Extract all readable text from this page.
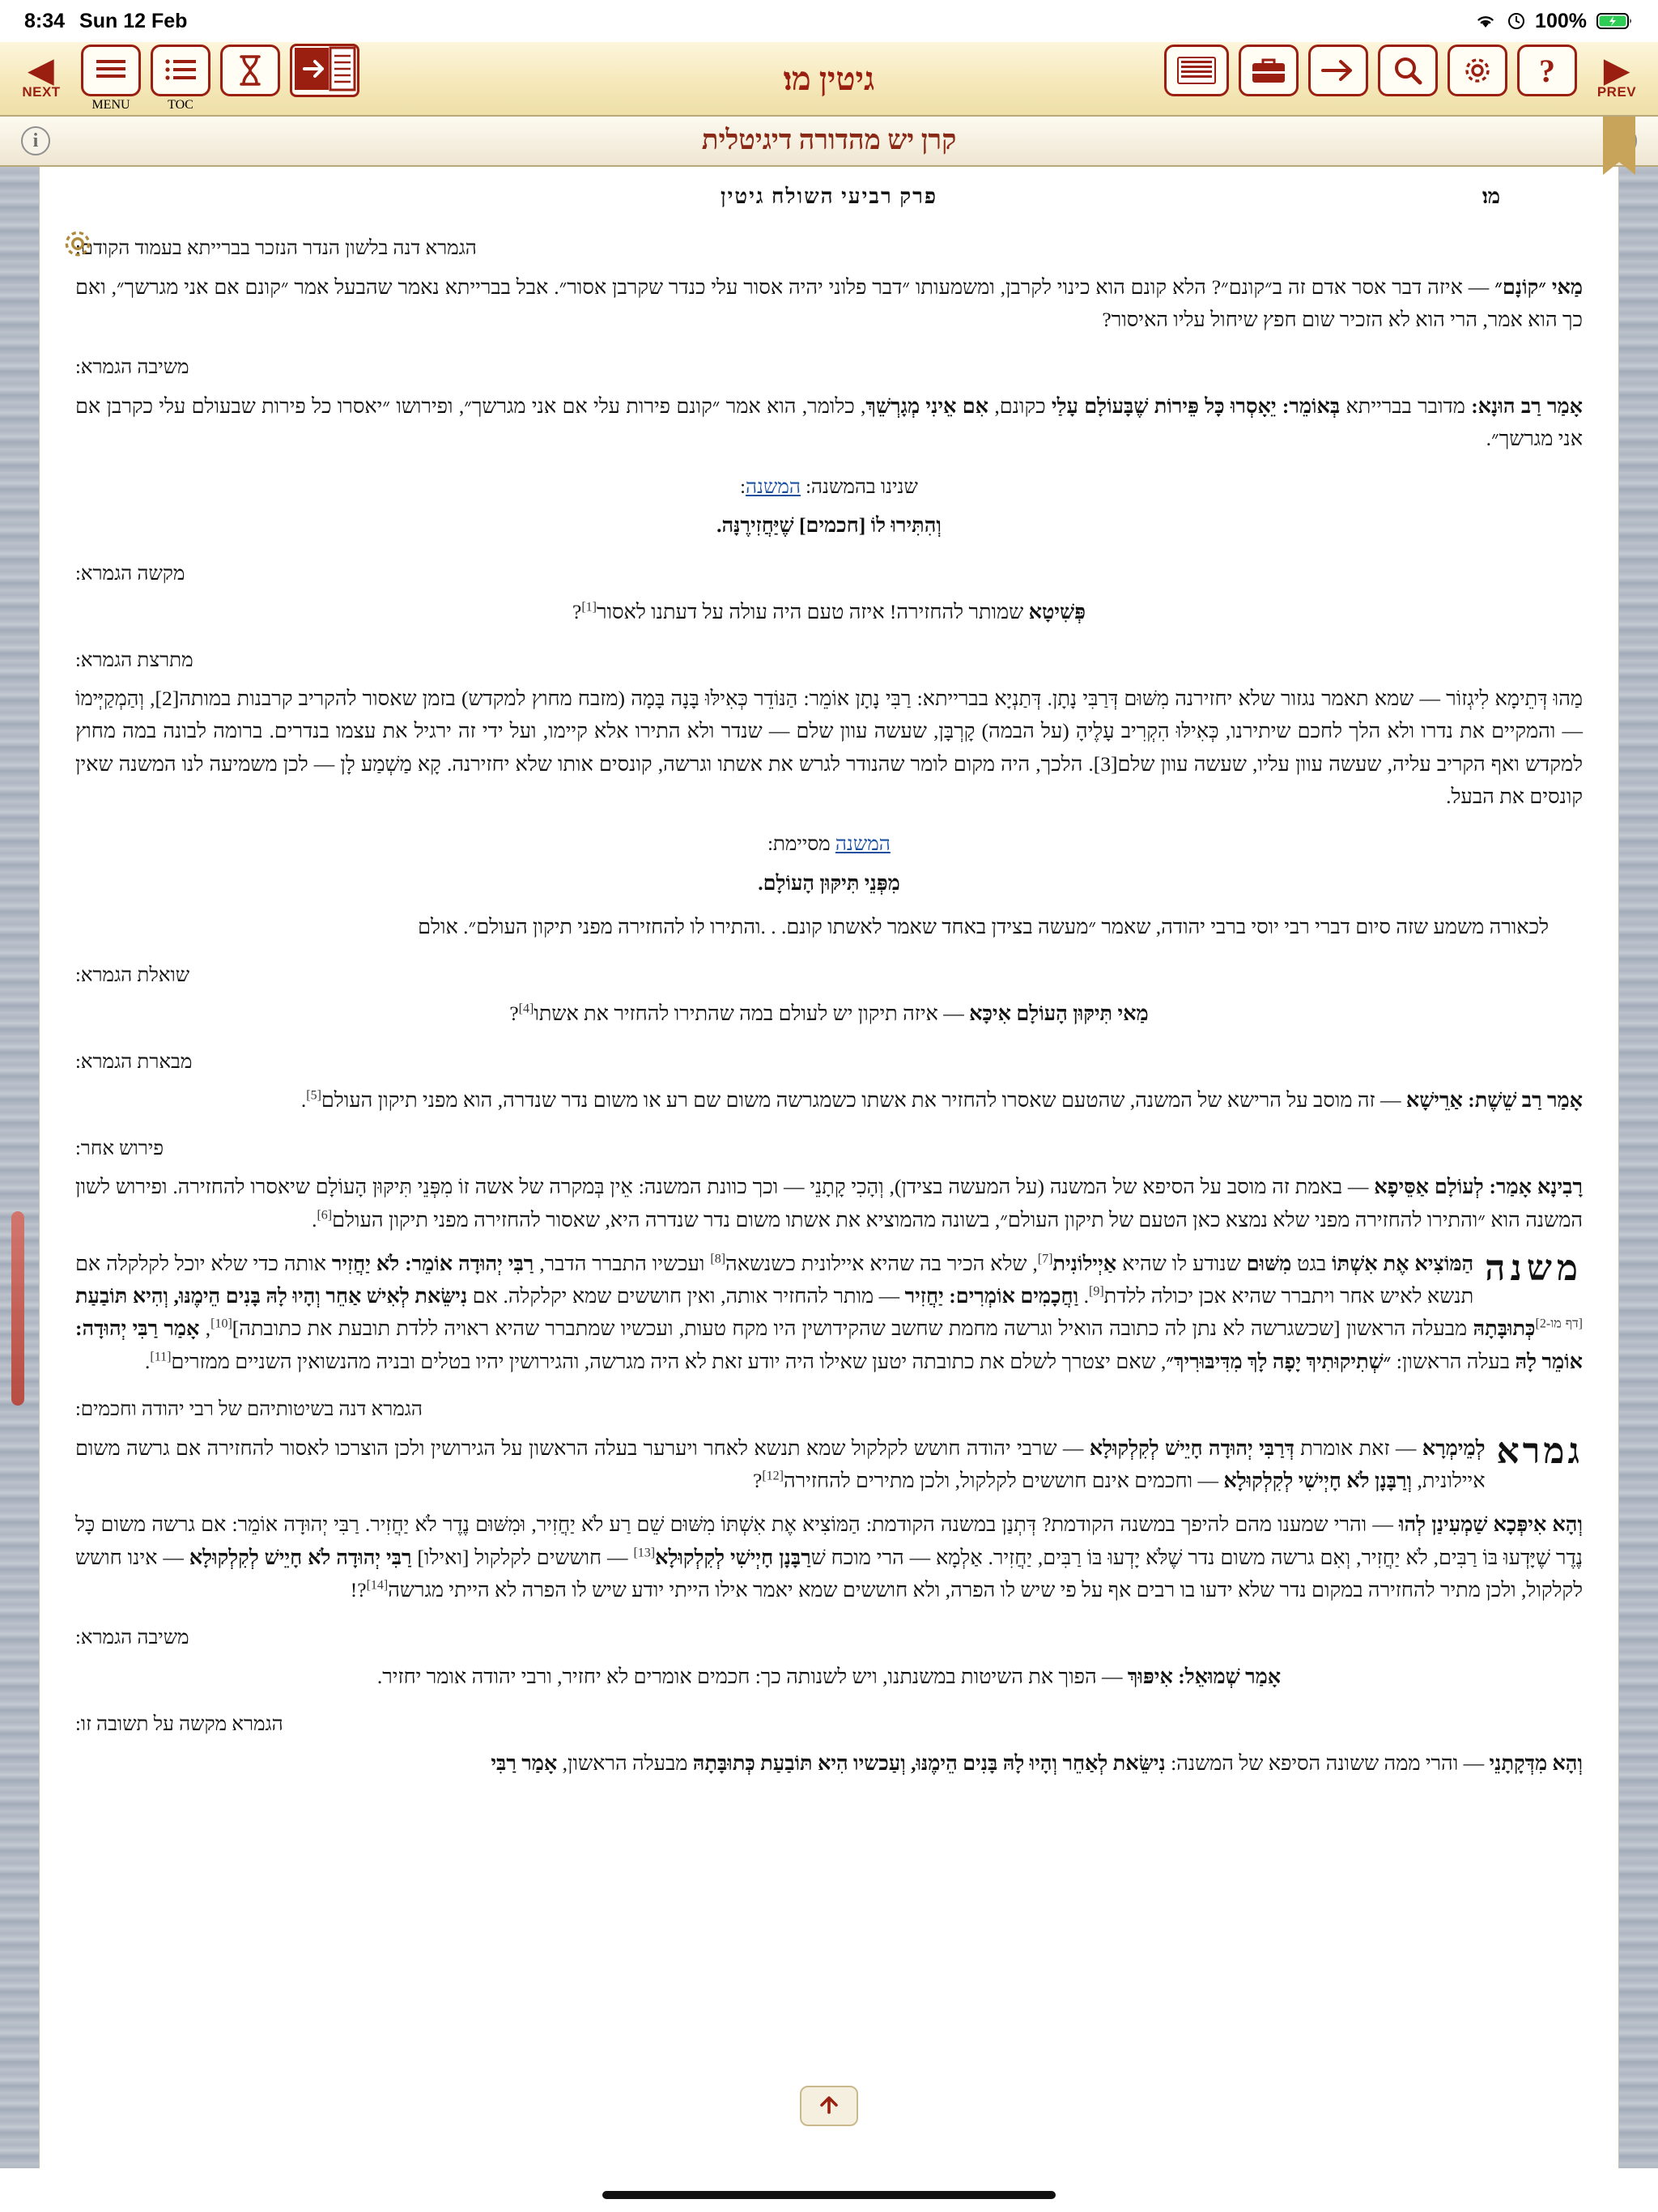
8:34 Sun 12 Feb	100%
◀
NEXT
MENU	TOC
גיטין מו׃	? ▶
PREV
i	קרן יש מהדורה דיגיטלית
מו׃
פרק רביעי השולח גיטין
הגמרא דנה בלשון הנדר הנזכר בברייתא בעמוד הקודם:

מַאי ״קוֹנָם״ — איזה דבר אסר אדם זה ב״קונם״? הלא קונם הוא כינוי לקרבן, ומשמעותו ״דבר פלוני יהיה אסור עלי כנדר שקרבן אסור״. אבל בברייתא נאמר שהבעל אמר ״קונם אם אני מגרשך״, ואם כך הוא אמר, הרי הוא לא הזכיר שום חפץ שיחול עליו האיסור?

משיבה הגמרא:

אָמַר רַב הוּנָא: מדובר בברייתא בְּאוֹמֵר: יֵאָסְרוּ כָּל פֵּירוֹת שֶׁבָּעוֹלָם עָלַי כקונם, אִם אֵינִי מְגָרְשֵׁךְ, כלומר, הוא אמר ״קונם פירות עלי אם אני מגרשך״, ופירושו ״יאסרו כל פירות שבעולם עלי כקרבן אם אני מגרשך״.

שנינו בהמשנה: המשנה:

וְהִתִּירוּ לוֹ [חכמים] שֶׁיַּחֲזִירֶנָּה.

מקשה הגמרא:

פְּשִׁיטָא שמותר להחזירה! איזה טעם היה עולה על דעתנו לאסור[1]?

מתרצת הגמרא:

מַהוּ דְּתֵימָא לִיגְזוֹר — שמא תאמר נגזור שלא יחזירנה מִשּׁוּם דְּרַבִּי נָתָן. דְּתַנְיָא בברייתא: רַבִּי נָתָן אוֹמֵר: הַנּוֹדֵר כְּאִילּוּ בָּנָה בָּמָה (מזבח מחוץ למקדש) בזמן שאסור להקריב קרבנות במותה[2], וְהַמְקַיְּימוֹ — והמקיים את נדרו ולא הלך לחכם שיתירנו, כְּאִילּוּ הִקְרִיב עָלֶיהָ (על הבמה) קָרְבָּן, שעשה עוון שלם — שנדר ולא התירו אלא קיימו, ועל ידי זה ירגיל את עצמו בנדרים. ברומה לבונה במה מחוץ למקדש ואף הקריב עליה, שעשה עוון עליו, שעשה עוון שלם[3]. הלכך, היה מקום לומר שהנודר לגרש את אשתו וגרשה, קונסים אותו שלא יחזירנה. קָא מַשְׁמַע לָן — לכן משמיעה לנו המשנה שאין קונסים את הבעל.

המשנה מסיימת:

מִפְּנֵי תִּיקּוּן הָעוֹלָם.

לכאורה משמע שזה סיום דברי רבי יוסי ברבי יהודה, שאמר ״מעשה בצידן באחד שאמר לאשתו קונם. . .והתירו לו להחזירה מפני תיקון העולם״. אולם

שואלת הגמרא:

מַאי תִּיקּוּן הָעוֹלָם אִיכָּא — איזה תיקון יש לעולם במה שהתירו להחזיר את אשתו[4]?

מבארת הגמרא:

אָמַר רַב שֵׁשֶׁת: אַרֵישָׁא — זה מוסב על הרישא של המשנה, שהטעם שאסרו להחזיר את אשתו כשמגרשה משום שם רע או משום נדר שנדרה, הוא מפני תיקון העולם[5].

פירוש אחר:

רָבִינָא אָמַר: לְעוֹלָם אַסֵּיפָא — באמת זה מוסב על הסיפא של המשנה (על המעשה בצידן), וְהָכִי קָתָנֵי — וכך כוונת המשנה: אֵין בְּמקרה של אשה זוֹ מִפְּנֵי תִּיקּוּן הָעוֹלָם שיאסרו להחזירה. ופירוש לשון המשנה הוא ״והתירו להחזירה מפני שלא נמצא כאן הטעם של תיקון העולם״, בשונה מהמוציא את אשתו משום נדר שנדרה היא, שאסור להחזירה מפני תיקון העולם[6].

משנה
הַמּוֹצִיא אֶת אִשְׁתּוֹ בגט מִשּׁוּם שנודע לו שהיא אַיְילוֹנִית[7], שלא הכיר בה שהיא איילונית כשנשאה[8] ועכשיו התברר הדבר, רַבִּי יְהוּדָה אוֹמֵר: לֹא יַחֲזִיר אותה כדי שלא יוכל לקלקלה אם תנשא לאיש אחר ויתברר שהיא אכן יכולה ללדת[9]. וַחֲכָמִים אוֹמְרִים: יַחֲזִיר — מותר להחזיר אותה, ואין חוששים שמא יקלקלה. אם נִישֵּׂאת לְאִישׁ אַחֵר וְהָיוּ לָהּ בָּנִים הֵימֶנּוּ, וְהִיא תּוֹבַעַת [דף מו-2]כְּתוּבָּתָהּ מבעלה הראשון [שכשגרשה לא נתן לה כתובה הואיל וגרשה מחמת שחשב שהקידושין היו מקח טעות, ועכשיו שמתברר שהיא ראויה ללדת תובעת את כתובתה][10], אָמַר רַבִּי יְהוּדָה: אוֹמֵר לָהּ בעלה הראשון: ״שְׁתִיקוּתִיךְ יָפָה לָךְ מִדִּיבּוּרִיךְ״, שאם יצטרך לשלם את כתובתה יטען שאילו היה יודע זאת לא היה מגרשה, והגירושין יהיו בטלים ובניה מהנשואין השניים ממזרים[11].

הגמרא דנה בשיטותיהם של רבי יהודה וחכמים:

גמרא
לְמֵימְרָא — זאת אומרת דְּרַבִּי יְהוּדָה חָיֵישׁ לְקִלְקוּלָא — שרבי יהודה חושש לקלקול שמא תנשא לאחר ויערער בעלה הראשון על הגירושין ולכן הוצרכו לאסור להחזירה אם גרשה משום איילונית, וְרַבָּנָן לֹא חָיְישִׁי לְקִלְקוּלָא — וחכמים אינם חוששים לקלקול, ולכן מתירים להחזירה[12]?

וְהָא אִיפְּכָא שַׁמְעִינַן לְהוּ — והרי שמענו מהם להיפך במשנה הקודמת? דְּתְנַן במשנה הקודמת: הַמּוֹצִיא אֶת אִשְׁתּוֹ מִשּׁוּם שֵׁם רַע לֹא יַחֲזִיר, וּמִשּׁוּם נֶדֶר לֹא יַחֲזִיר. רַבִּי יְהוּדָה אוֹמֵר: אם גרשה משום כָּל נֶדֶר שֶׁיָּדְעוּ בּוֹ רַבִּים, לֹא יַחֲזִיר, וְאִם גרשה משום נדר שֶׁלֹּא יָדְעוּ בּוֹ רַבִּים, יַחֲזִיר. אַלְמָא — הרי מוכח שׁרַבָּנָן חָיְישִׁי לְקִלְקוּלָא[13] — חוששים לקלקול [ואילו] רַבִּי יְהוּדָה לֹא חָיֵישׁ לְקִלְקוּלָא — אינו חושש לקלקול, ולכן מתיר להחזירה במקום נדר שלא ידעו בו רבים אף על פי שיש לו הפרה, ולא חוששים שמא יאמר אילו הייתי יודע שיש לו הפרה לא הייתי מגרשה[14]?!

משיבה הגמרא:

אָמַר שְׁמוּאֵל: אִיפּוּךְ — הפוך את השיטות במשנתנו, ויש לשנותה כך: חכמים אומרים לא יחזיר, ורבי יהודה אומר יחזיר.

הגמרא מקשה על תשובה זו:

וְהָא מִדְּקָתָנֵי — והרי ממה ששונה הסיפא של המשנה: נִישֵּׂאת לְאַחֵר וְהָיוּ לָהּ בָּנִים הֵימֶנּוּ, וְעַכשיו הִיא תּוֹבַעַת כְּתוּבָּתָהּ מבעלה הראשון, אָמַר רַבִּי
